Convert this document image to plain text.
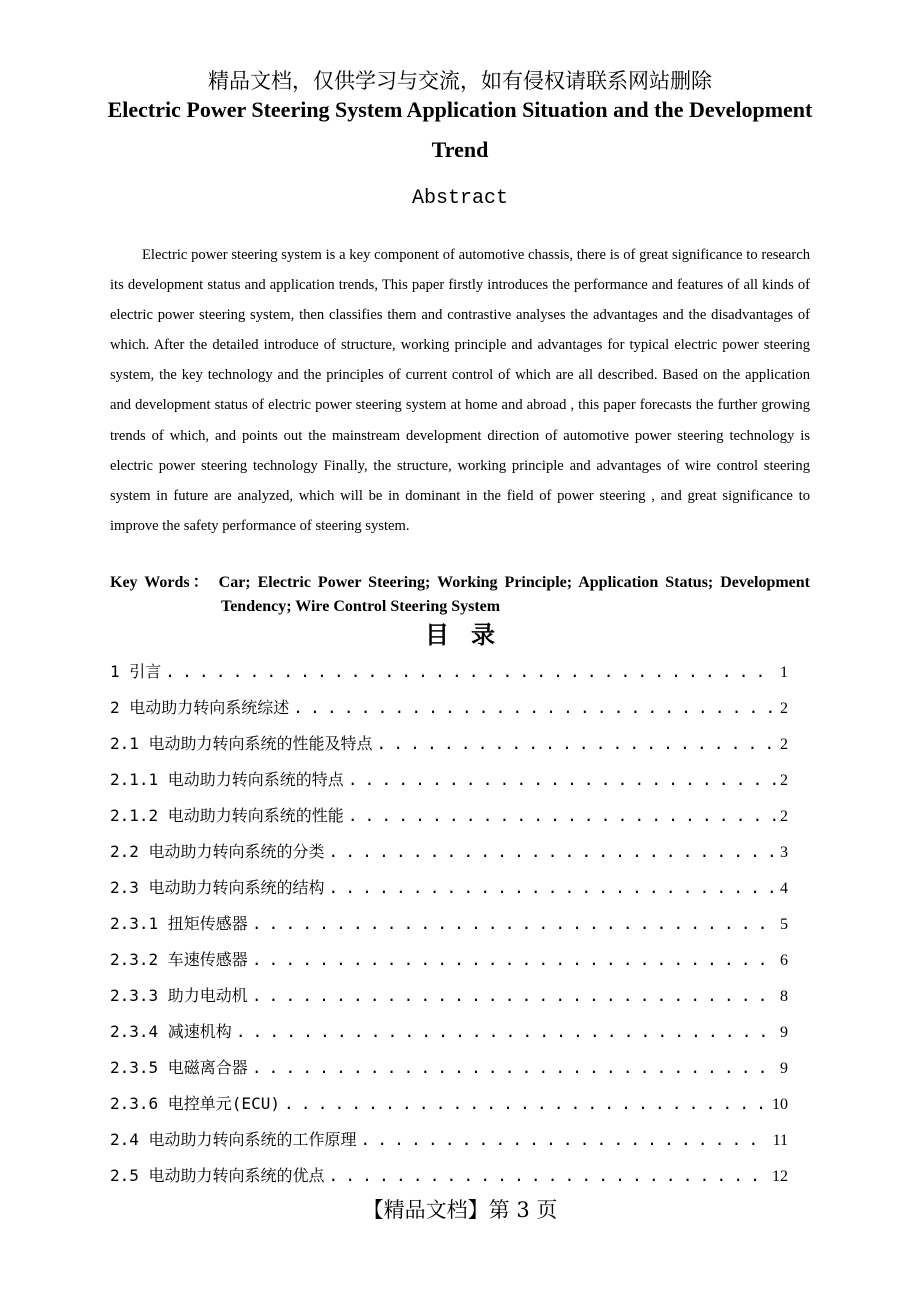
精品文档，仅供学习与交流，如有侵权请联系网站删除
Electric Power Steering System Application Situation and the Development Trend
Abstract
Electric power steering system is a key component of automotive chassis, there is of great significance to research its development status and application trends, This paper firstly introduces the performance and features of all kinds of electric power steering system, then classifies them and contrastive analyses the advantages and the disadvantages of which. After the detailed introduce of structure, working principle and advantages for typical electric power steering system, the key technology and the principles of current control of which are all described. Based on the application and development status of electric power steering system at home and abroad , this paper forecasts the further growing trends of which, and points out the mainstream development direction of automotive power steering technology is electric power steering technology Finally, the structure, working principle and advantages of wire control steering system in future are analyzed, which will be in dominant in the field of power steering , and great significance to improve the safety performance of steering system.
Key Words： Car; Electric Power Steering; Working Principle; Application Status; Development Tendency; Wire Control Steering System
目录
1 引言 . . .	1
2 电动助力转向系统综述 . . .	2
2.1 电动助力转向系统的性能及特点 . . .	2
2.1.1 电动助力转向系统的特点 . . .	2
2.1.2 电动助力转向系统的性能 . . .	2
2.2 电动助力转向系统的分类 . . .	3
2.3 电动助力转向系统的结构 . . .	4
2.3.1 扭矩传感器 . . .	5
2.3.2 车速传感器 . . .	6
2.3.3 助力电动机 . . .	8
2.3.4 减速机构 . . .	9
2.3.5 电磁离合器 . . .	9
2.3.6 电控单元(ECU) . . .	10
2.4 电动助力转向系统的工作原理 . . .	11
2.5 电动助力转向系统的优点 . . .	12
【精品文档】第 3 页
